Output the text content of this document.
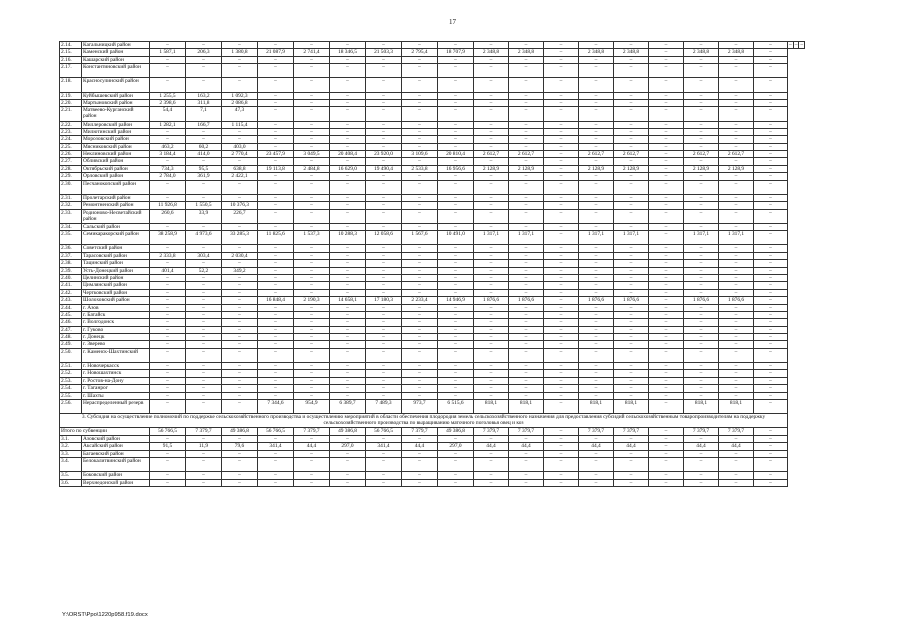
17
2.14.	Кагальницкий район	–	–	–	–	–	–	–	–	–	–	–	–	–	–	–	–	–	–	–	–	–
2.15.	Каменский район	1 587,1	206,3	1 380,8	21 087,9	2 741,4	18 346,5	21 503,3	2 795,4	18 707,9	2 348,8	2 348,8	–	2 348,8	2 348,8	–	2 348,8	2 348,8	–			
2.16.	Кашарский район	–	–	–	–	–	–	–	–	–	–	–	–	–	–	–	–	–	–			
2.17.	Константиновский район	–	–	–	–	–	–	–	–	–	–	–	–	–	–	–	–	–	–			
2.18.	Красносулинский район	–	–	–	–	–	–	–	–	–	–	–	–	–	–	–	–	–	–			
2.19.	Куйбышевский район	1 255,5	163,2	1 092,3	–	–	–	–	–	–	–	–	–	–	–	–	–	–	–			
2.20.	Мартыновский район	2 398,6	311,8	2 086,8	–	–	–	–	–	–	–	–	–	–	–	–	–	–	–			
2.21.	Матвеево-Курганский район	54,4	7,1	47,3	–	–	–	–	–	–	–	–	–	–	–	–	–	–	–			
2.22.	Миллеровский район	1 282,1	166,7	1 115,4	–	–	–	–	–	–	–	–	–	–	–	–	–	–	–			
2.23.	Милютинский район	–	–	–	–	–	–	–	–	–	–	–	–	–	–	–	–	–	–			
2.24.	Морозовский район	–	–	–	–	–	–	–	–	–	–	–	–	–	–	–	–	–	–			
2.25.	Мясниковский район	463,2	60,2	403,0	–	–	–	–	–	–	–	–	–	–	–	–	–	–	–			
2.26.	Неклиновский район	3 184,4	414,0	2 770,4	23 457,9	3 049,5	20 408,4	23 920,0	3 109,6	20 810,4	2 612,7	2 612,7	–	2 612,7	2 612,7	–	2 612,7	2 612,7	–			
2.27.	Обливский район	–	–	–	–	–	–	–	–	–	–	–	–	–	–	–	–	–	–			
2.28.	Октябрьский район	734,3	95,5	638,8	19 113,8	2 484,8	16 629,0	19 490,4	2 533,8	16 956,6	2 128,9	2 128,9	–	2 128,9	2 128,9	–	2 128,9	2 128,9	–			
2.29.	Орловский район	2 784,0	361,9	2 422,1	–	–	–	–	–	–	–	–	–	–	–	–	–	–	–			
2.30.	Песчанокопский район	–	–	–	–	–	–	–	–	–	–	–	–	–	–	–	–	–	–			
2.31.	Пролетарский район	–	–	–	–	–	–	–	–	–	–	–	–	–	–	–	–	–	–			
2.32.	Ремонтненский район	11 926,8	1 550,5	10 376,3	–	–	–	–	–	–	–	–	–	–	–	–	–	–	–			
2.33.	Родионово-Несветайский район	260,6	33,9	226,7	–	–	–	–	–	–	–	–	–	–	–	–	–	–	–			
2.34.	Сальский район	–	–	–	–	–	–	–	–	–	–	–	–	–	–	–	–	–	–			
2.35.	Семикаракорский район	38 258,9	4 973,6	33 285,3	11 825,6	1 537,3	10 288,3	12 058,6	1 567,6	10 491,0	1 317,1	1 317,1	–	1 317,1	1 317,1	–	1 317,1	1 317,1	–			
2.36.	Советский район	–	–	–	–	–	–	–	–	–	–	–	–	–	–	–	–	–	–			
2.37.	Тарасовский район	2 333,8	303,4	2 030,4	–	–	–	–	–	–	–	–	–	–	–	–	–	–	–			
2.38.	Тацинский район	–	–	–	–	–	–	–	–	–	–	–	–	–	–	–	–	–	–			
2.39.	Усть-Донецкий район	401,4	52,2	349,2	–	–	–	–	–	–	–	–	–	–	–	–	–	–	–			
2.40.	Целинский район	–	–	–	–	–	–	–	–	–	–	–	–	–	–	–	–	–	–			
2.41.	Цимлянский район	–	–	–	–	–	–	–	–	–	–	–	–	–	–	–	–	–	–			
2.42.	Чертковский район	–	–	–	–	–	–	–	–	–	–	–	–	–	–	–	–	–	–			
2.43.	Шолоховский район	–	–	–	16 848,4	2 190,3	14 658,1	17 180,3	2 233,4	14 946,9	1 876,6	1 876,6	–	1 876,6	1 876,6	–	1 876,6	1 876,6	–			
2.44.	г. Азов	–	–	–	–	–	–	–	–	–	–	–	–	–	–	–	–	–	–			
2.45.	г. Батайск	–	–	–	–	–	–	–	–	–	–	–	–	–	–	–	–	–	–			
2.46.	г. Волгодонск	–	–	–	–	–	–	–	–	–	–	–	–	–	–	–	–	–	–			
2.47.	г. Гуково	–	–	–	–	–	–	–	–	–	–	–	–	–	–	–	–	–	–			
2.48.	г. Донецк	–	–	–	–	–	–	–	–	–	–	–	–	–	–	–	–	–	–			
2.49.	г. Зверево	–	–	–	–	–	–	–	–	–	–	–	–	–	–	–	–	–	–			
2.50.	г. Каменск-Шахтинский	–	–	–	–	–	–	–	–	–	–	–	–	–	–	–	–	–	–			
2.51.	г. Новочеркасск	–	–	–	–	–	–	–	–	–	–	–	–	–	–	–	–	–	–			
2.52.	г. Новошахтинск	–	–	–	–	–	–	–	–	–	–	–	–	–	–	–	–	–	–			
2.53.	г. Ростов-на-Дону	–	–	–	–	–	–	–	–	–	–	–	–	–	–	–	–	–	–			
2.54.	г. Таганрог	–	–	–	–	–	–	–	–	–	–	–	–	–	–	–	–	–	–			
2.55.	г. Шахты	–	–	–	–	–	–	–	–	–	–	–	–	–	–	–	–	–	–			
2.56.	Нераспределенный резерв	–	–	–	7 344,6	954,9	6 389,7	7 489,3	973,7	6 515,6	818,1	818,1	–	818,1	818,1	–	818,1	818,1	–			
3. Субсидия на осуществление полномочий по поддержке сельскохозяйственного производства и осуществлению мероприятий в области обеспечения плодородия земель сельскохозяйственного назначения для предоставления субсидий сельскохозяйственным товаропроизводителям на поддержку сельскохозяйственного производства по выращиванию маточного поголовья овец и коз																						
Итого по субвенции		56 766,5	7 379,7	49 386,8	56 766,5	7 379,7	49 386,8	56 766,5	7 379,7	49 386,8	7 379,7	7 379,7	–	7 379,7	7 379,7	–	7 379,7	7 379,7	–			
3.1.	Азовский район	–	–	–	–	–	–	–	–	–	–	–	–	–	–	–	–	–	–			
3.2.	Аксайский район	91,5	11,9	79,6	341,4	44,4	297,0	341,4	44,4	297,0	44,4	44,4	–	44,4	44,4	–	44,4	44,4	–			
3.3.	Багаевский район	–	–	–	–	–	–	–	–	–	–	–	–	–	–	–	–	–	–			
3.4.	Белокалитвинский район	–	–	–	–	–	–	–	–	–	–	–	–	–	–	–	–	–	–			
3.5.	Боковский район	–	–	–	–	–	–	–	–	–	–	–	–	–	–	–	–	–	–			
3.6.	Верхнедонской район	–	–	–	–	–	–	–	–	–	–	–	–	–	–	–	–	–	–			
Y:\ORST\Ppo\1220p958.f19.docx
